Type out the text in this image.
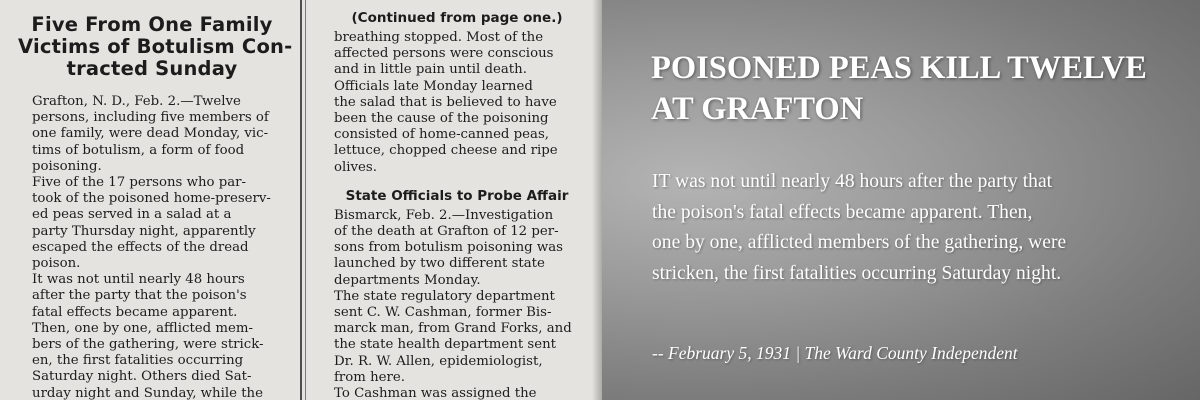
Five From One Family
Victims of Botulism Con-
tracted Sunday

Grafton, N. D., Feb. 2.—Twelve
persons, including five members of
one family, were dead Monday, vic-
tims of botulism, a form of food
poisoning.

Five of the 17 persons who par-
took of the poisoned home-preserv-
ed peas served in a salad at a
party Thursday night, apparently
escaped the effects of the dread
poison.

It was not until nearly 48 hours
after the party that the poison's
fatal effects became apparent.

Then, one by one, afflicted mem-
bers of the gathering, were strick-
en, the first fatalities occurring
Saturday night. Others died Sat-
urday night and Sunday, while the

(Continued from page one.)

breathing stopped. Most of the
affected persons were conscious
and in little pain until death.

Officials late Monday learned
the salad that is believed to have
been the cause of the poisoning
consisted of home-canned peas,
lettuce, chopped cheese and ripe
olives.

State Officials to Probe Affair

Bismarck, Feb. 2.—Investigation
of the death at Grafton of 12 per-
sons from botulism poisoning was
launched by two different state
departments Monday.

The state regulatory department
sent C. W. Cashman, former Bis-
marck man, from Grand Forks, and
the state health department sent
Dr. R. W. Allen, epidemiologist,
from here.

To Cashman was assigned the

POISONED PEAS KILL TWELVE
AT GRAFTON

IT was not until nearly 48 hours after the party that
the poison's fatal effects became apparent. Then,
one by one, afflicted members of the gathering, were
stricken, the first fatalities occurring Saturday night.

-- February 5, 1931 | The Ward County Independent
